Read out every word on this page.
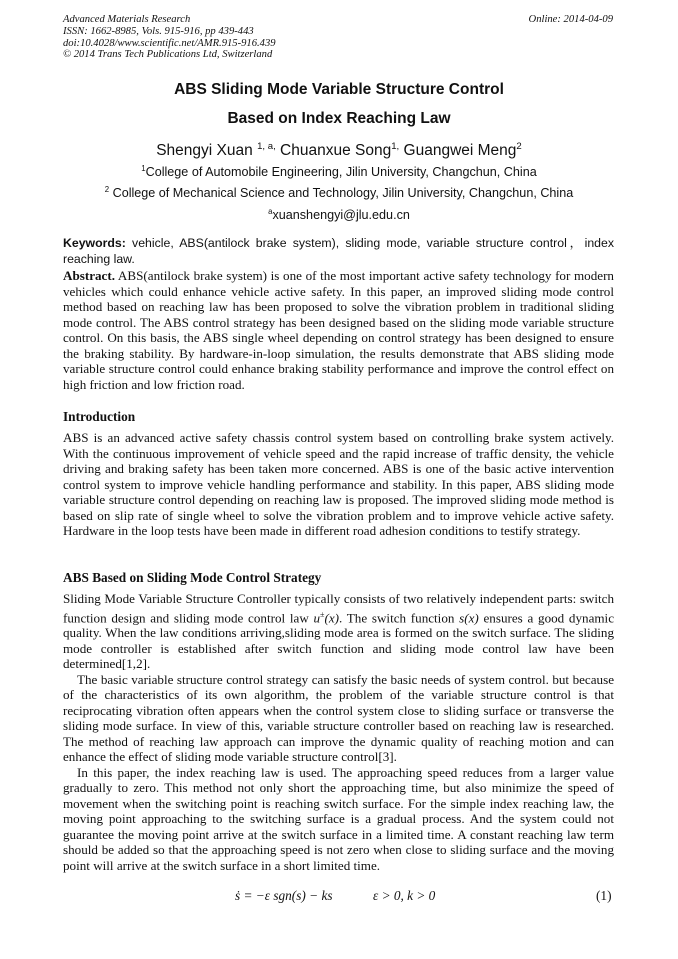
Advanced Materials Research
ISSN: 1662-8985, Vols. 915-916, pp 439-443
doi:10.4028/www.scientific.net/AMR.915-916.439
© 2014 Trans Tech Publications Ltd, Switzerland
Online: 2014-04-09
ABS Sliding Mode Variable Structure Control
Based on Index Reaching Law
Shengyi Xuan $^{1, a,}$ Chuanxue Song$^{1,}$ Guangwei Meng$^2$
$^1$College of Automobile Engineering, Jilin University, Changchun, China
$^2$ College of Mechanical Science and Technology, Jilin University, Changchun, China
$^a$xuanshengyi@jlu.edu.cn
Keywords: vehicle, ABS(antilock brake system), sliding mode, variable structure control，index reaching law.
Abstract. ABS(antilock brake system) is one of the most important active safety technology for modern vehicles which could enhance vehicle active safety. In this paper, an improved sliding mode control method based on reaching law has been proposed to solve the vibration problem in traditional sliding mode control. The ABS control strategy has been designed based on the sliding mode variable structure control. On this basis, the ABS single wheel depending on control strategy has been designed to ensure the braking stability. By hardware-in-loop simulation, the results demonstrate that ABS sliding mode variable structure control could enhance braking stability performance and improve the control effect on high friction and low friction road.
Introduction
ABS is an advanced active safety chassis control system based on controlling brake system actively. With the continuous improvement of vehicle speed and the rapid increase of traffic density, the vehicle driving and braking safety has been taken more concerned. ABS is one of the basic active intervention control system to improve vehicle handling performance and stability. In this paper, ABS sliding mode variable structure control depending on reaching law is proposed. The improved sliding mode method is based on slip rate of single wheel to solve the vibration problem and to improve vehicle active safety. Hardware in the loop tests have been made in different road adhesion conditions to testify strategy.
ABS Based on Sliding Mode Control Strategy

Sliding Mode Variable Structure Controller typically consists of two relatively independent parts: switch function design and sliding mode control law u±(x). The switch function s(x) ensures a good dynamic quality. When the law conditions arriving,sliding mode area is formed on the switch surface. The sliding mode controller is established after switch function and sliding mode control law have been determined[1,2].

The basic variable structure control strategy can satisfy the basic needs of system control. but because of the characteristics of its own algorithm, the problem of the variable structure control is that reciprocating vibration often appears when the control system close to sliding surface or transverse the sliding mode surface. In view of this, variable structure controller based on reaching law is researched. The method of reaching law approach can improve the dynamic quality of reaching motion and can enhance the effect of sliding mode variable structure control[3].

In this paper, the index reaching law is used. The approaching speed reduces from a larger value gradually to zero. This method not only short the approaching time, but also minimize the speed of movement when the switching point is reaching switch surface. For the simple index reaching law, the moving point approaching to the switching surface is a gradual process. And the system could not guarantee the moving point arrive at the switch surface in a limited time. A constant reaching law term should be added so that the approaching speed is not zero when close to sliding surface and the moving point will arrive at the switch surface in a short limited time.

ṡ = −ε sgn(s) − ks	ε > 0, k > 0	(1)
